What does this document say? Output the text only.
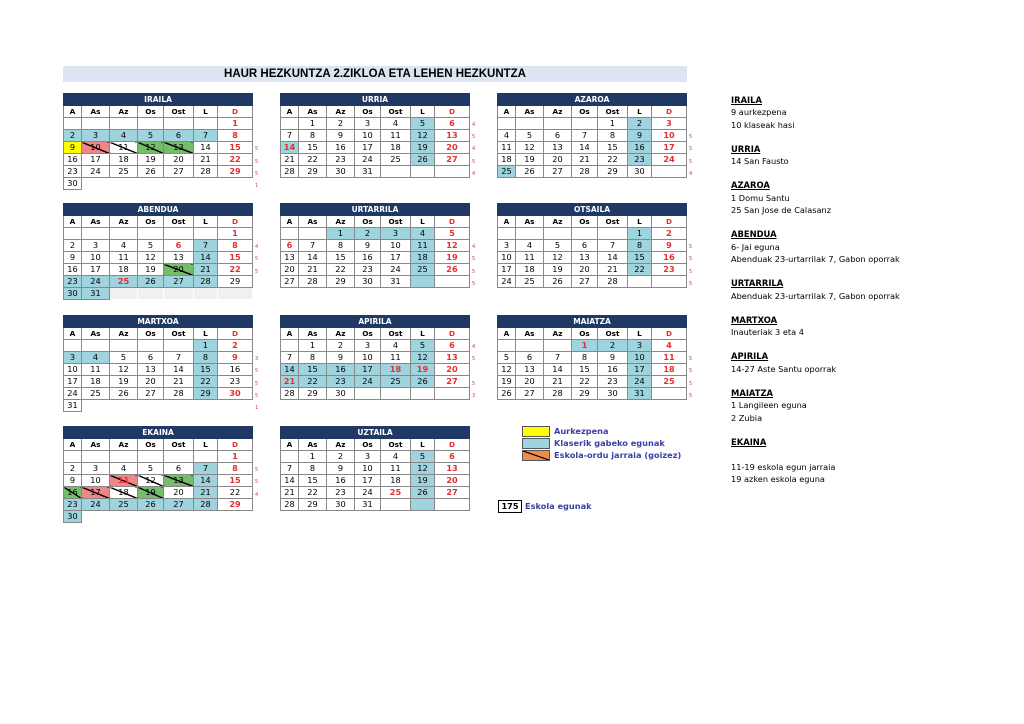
HAUR HEZKUNTZA 2.ZIKLOA ETA LEHEN HEZKUNTZA
IRAILA						
A	As	Az	Os	Ost	L	D
						1
2	3	4	5	6	7	8
9	10	11	12	13	14	15
16	17	18	19	20	21	22
23	24	25	26	27	28	29
30						
5
5
5
1
URRIA						
A	As	Az	Os	Ost	L	D
	1	2	3	4	5	6
7	8	9	10	11	12	13
14	15	16	17	18	19	20
21	22	23	24	25	26	27
28	29	30	31			
4
5
4
5
4
AZAROA						
A	As	Az	Os	Ost	L	D
				1	2	3
4	5	6	7	8	9	10
11	12	13	14	15	16	17
18	19	20	21	22	23	24
25	26	27	28	29	30	
5
5
5
4
ABENDUA						
A	As	Az	Os	Ost	L	D
						1
2	3	4	5	6	7	8
9	10	11	12	13	14	15
16	17	18	19	20	21	22
23	24	25	26	27	28	29
30	31					
4
5
5
URTARRILA						
A	As	Az	Os	Ost	L	D
		1	2	3	4	5
6	7	8	9	10	11	12
13	14	15	16	17	18	19
20	21	22	23	24	25	26
27	28	29	30	31		
4
5
5
5
OTSAILA						
A	As	Az	Os	Ost	L	D
					1	2
3	4	5	6	7	8	9
10	11	12	13	14	15	16
17	18	19	20	21	22	23
24	25	26	27	28		
5
5
5
5
MARTXOA						
A	As	Az	Os	Ost	L	D
					1	2
3	4	5	6	7	8	9
10	11	12	13	14	15	16
17	18	19	20	21	22	23
24	25	26	27	28	29	30
31						
3
5
5
5
1
APIRILA						
A	As	Az	Os	Ost	L	D
	1	2	3	4	5	6
7	8	9	10	11	12	13
14	15	16	17	18	19	20
21	22	23	24	25	26	27
28	29	30				
4
5
5
3
MAIATZA						
A	As	Az	Os	Ost	L	D
			1	2	3	4
5	6	7	8	9	10	11
12	13	14	15	16	17	18
19	20	21	22	23	24	25
26	27	28	29	30	31	
5
5
5
5
EKAINA						
A	As	Az	Os	Ost	L	D
						1
2	3	4	5	6	7	8
9	10	11	12	13	14	15
16	17	18	19	20	21	22
23	24	25	26	27	28	29
30						
5
5
4
UZTAILA						
A	As	Az	Os	Ost	L	D
	1	2	3	4	5	6
7	8	9	10	11	12	13
14	15	16	17	18	19	20
21	22	23	24	25	26	27
28	29	30	31			
Aurkezpena
Klaserik gabeko egunak
Eskola-ordu jarraia (goizez)
175 Eskola egunak
IRAILA
9 aurkezpena
10 klaseak hasi
URRIA
14 San Fausto
AZAROA
1 Domu Santu
25 San Jose de Calasanz
ABENDUA
6- Jai eguna
Abenduak 23-urtarrilak 7, Gabon oporrak
URTARRILA
Abenduak 23-urtarrilak 7, Gabon oporrak
MARTXOA
Inauteriak 3 eta 4
APIRILA
14-27 Aste Santu oporrak
MAIATZA
1 Langileen eguna
2 Zubia
EKAINA

11-19 eskola egun jarraia
19 azken eskola eguna
